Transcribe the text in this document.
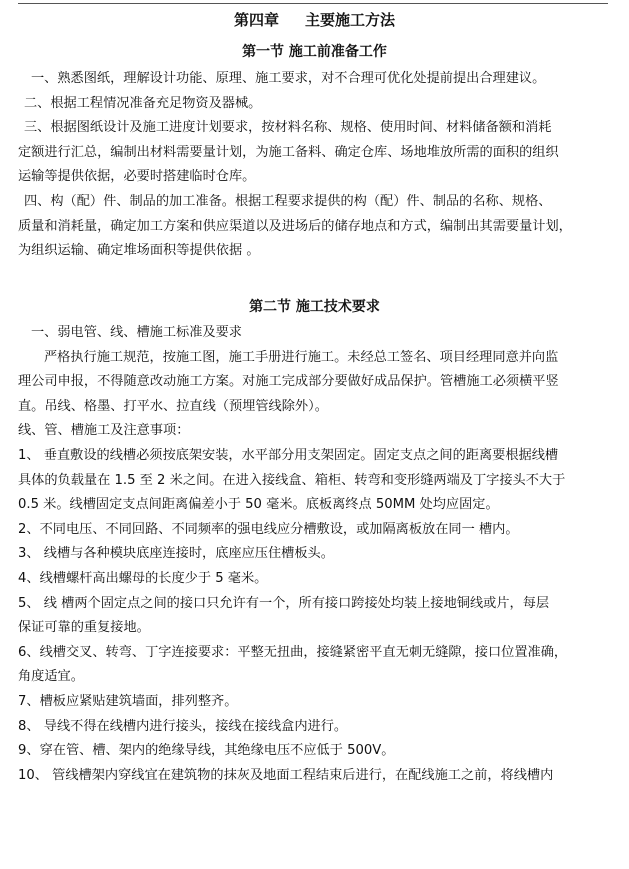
第四章 主要施工方法
第一节 施工前准备工作
一、熟悉图纸，理解设计功能、原理、施工要求，对不合理可优化处提前提出合理建议。
二、根据工程情况准备充足物资及器械。
三、根据图纸设计及施工进度计划要求，按材料名称、规格、使用时间、材料储备额和消耗
定额进行汇总，编制出材料需要量计划，为施工备料、确定仓库、场地堆放所需的面积的组织
运输等提供依据，必要时搭建临时仓库。
四、构（配）件、制品的加工准备。根据工程要求提供的构（配）件、制品的名称、规格、
质量和消耗量，确定加工方案和供应渠道以及进场后的储存地点和方式，编制出其需要量计划，
为组织运输、确定堆场面积等提供依据 。
第二节 施工技术要求
一、弱电管、线、槽施工标准及要求
严格执行施工规范，按施工图，施工手册进行施工。未经总工签名、项目经理同意并向监
理公司申报，不得随意改动施工方案。对施工完成部分要做好成品保护。管槽施工必须横平竖
直。吊线、格墨、打平水、拉直线（预埋管线除外）。
线、管、槽施工及注意事项：
1、 垂直敷设的线槽必须按底架安装，水平部分用支架固定。固定支点之间的距离要根据线槽
具体的负载量在 1.5 至 2 米之间。在进入接线盒、箱柜、转弯和变形缝两端及丁字接头不大于
0.5 米。线槽固定支点间距离偏差小于 50 毫米。底板离终点 50MM 处均应固定。
2、不同电压、不同回路、不同频率的强电线应分槽敷设，或加隔离板放在同一 槽内。
3、 线槽与各种模块底座连接时，底座应压住槽板头。
4、线槽螺杆高出螺母的长度少于 5 毫米。
5、 线 槽两个固定点之间的接口只允许有一个，所有接口跨接处均装上接地铜线或片，每层
保证可靠的重复接地。
6、线槽交叉、转弯、丁字连接要求：平整无扭曲，接缝紧密平直无刺无缝隙，接口位置准确，
角度适宜。
7、槽板应紧贴建筑墙面，排列整齐。
8、 导线不得在线槽内进行接头，接线在接线盒内进行。
9、穿在管、槽、架内的绝缘导线，其绝缘电压不应低于 500V。
10、 管线槽架内穿线宜在建筑物的抹灰及地面工程结束后进行，在配线施工之前，将线槽内
